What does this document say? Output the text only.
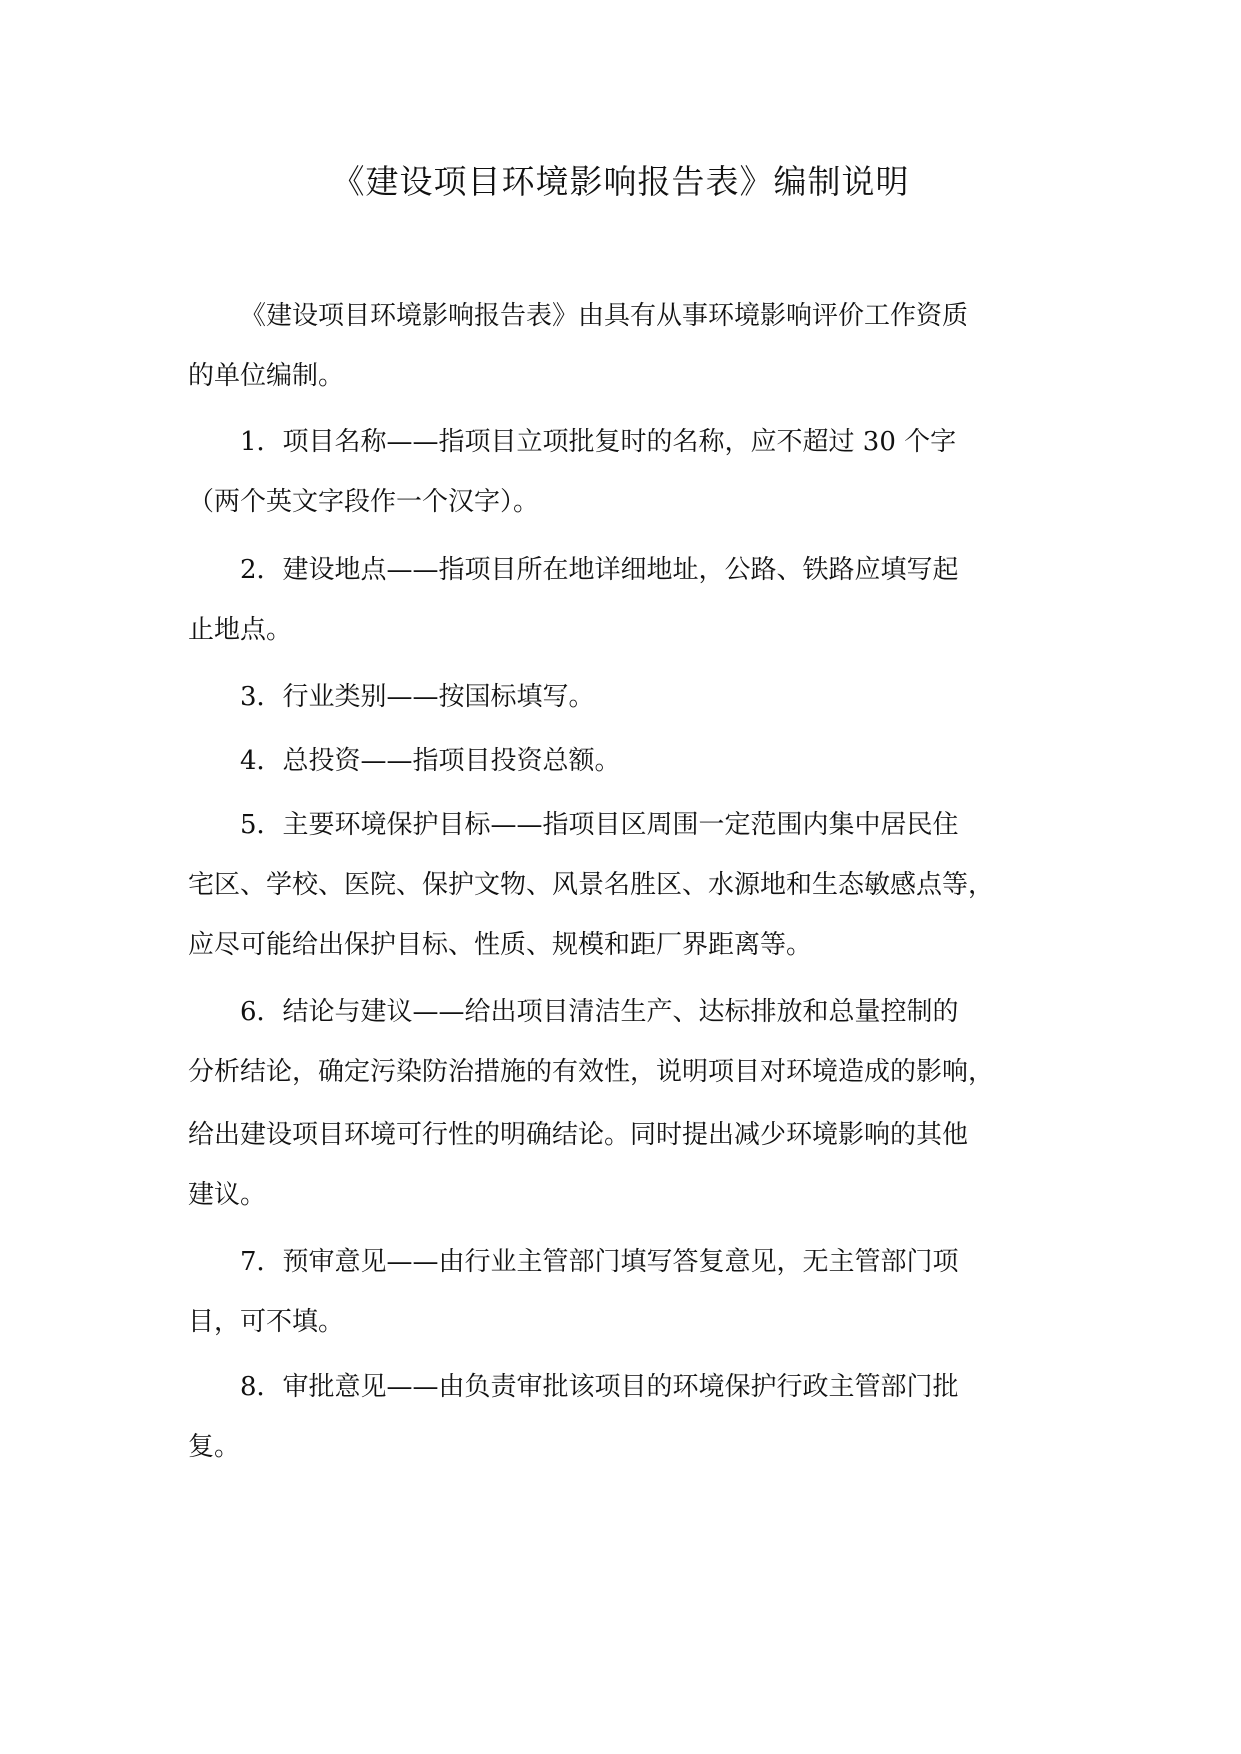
《建设项目环境影响报告表》编制说明
《建设项目环境影响报告表》由具有从事环境影响评价工作资质
的单位编制。
1．项目名称——指项目立项批复时的名称，应不超过 30 个字
（两个英文字段作一个汉字）。
2．建设地点——指项目所在地详细地址，公路、铁路应填写起
止地点。
3．行业类别——按国标填写。
4．总投资——指项目投资总额。
5．主要环境保护目标——指项目区周围一定范围内集中居民住
宅区、学校、医院、保护文物、风景名胜区、水源地和生态敏感点等，
应尽可能给出保护目标、性质、规模和距厂界距离等。
6．结论与建议——给出项目清洁生产、达标排放和总量控制的
分析结论，确定污染防治措施的有效性，说明项目对环境造成的影响，
给出建设项目环境可行性的明确结论。同时提出减少环境影响的其他
建议。
7．预审意见——由行业主管部门填写答复意见，无主管部门项
目，可不填。
8．审批意见——由负责审批该项目的环境保护行政主管部门批
复。
